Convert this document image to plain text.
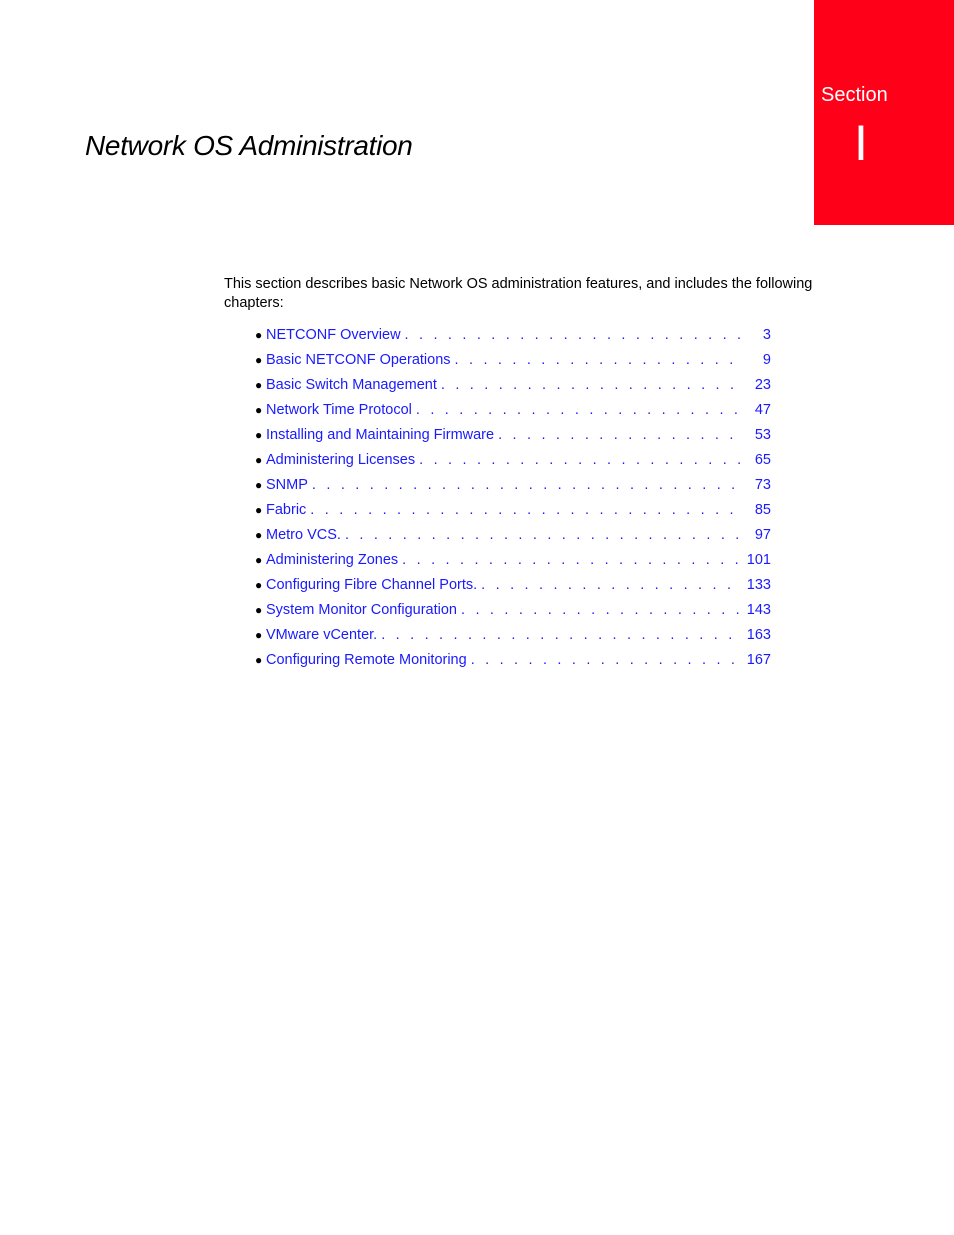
Section
I
Network OS Administration

This section describes basic Network OS administration features, and includes the following chapters:

● NETCONF Overview . . .	3
● Basic NETCONF Operations . . .	9
● Basic Switch Management . . .	23
● Network Time Protocol . . .	47
● Installing and Maintaining Firmware . . .	53
● Administering Licenses . . .	65
● SNMP . . .	73
● Fabric . . .	85
● Metro VCS. . . .	97
● Administering Zones . . .	101
● Configuring Fibre Channel Ports. . . .	133
● System Monitor Configuration . . .	143
● VMware vCenter. . . .	163
● Configuring Remote Monitoring . . .	167
